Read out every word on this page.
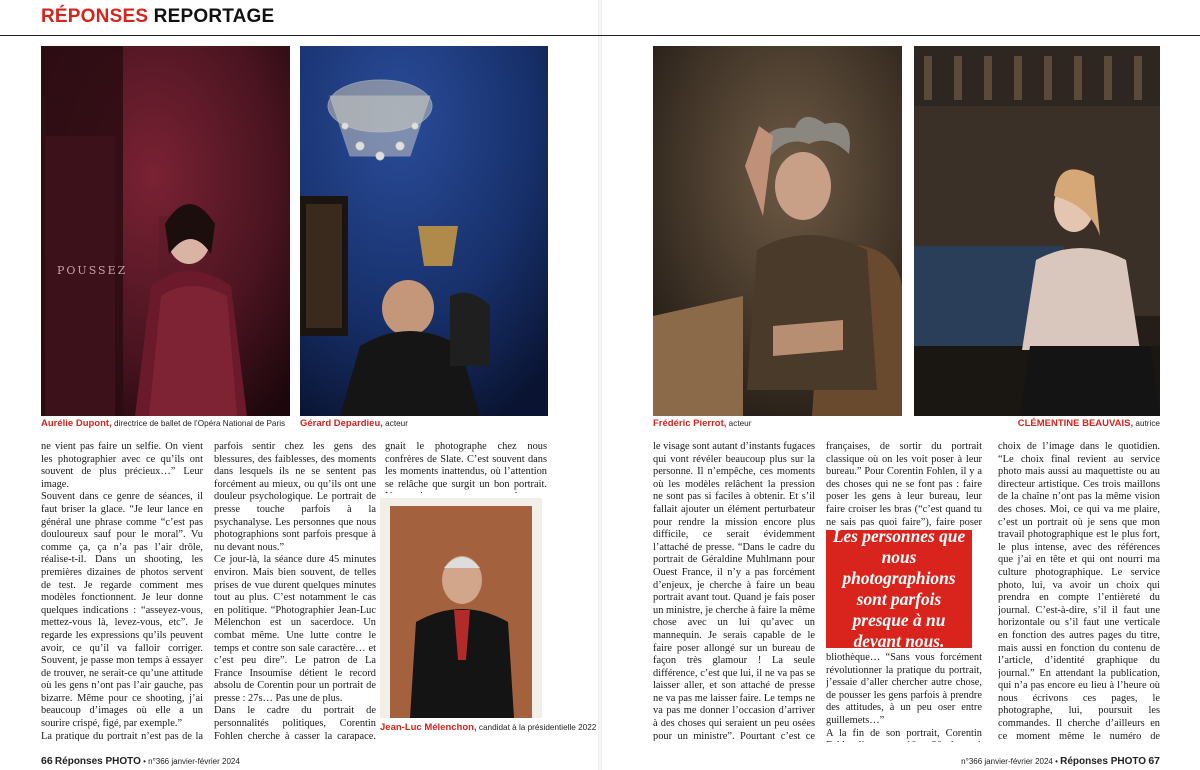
RÉPONSES REPORTAGE
POUSSEZ
Aurélie Dupont, directrice de ballet de l’Opéra National de Paris Gérard Depardieu, acteur
Jean-Luc Mélenchon, candidat à la présidentielle 2022
Frédéric Pierrot, acteur	CLÉMENTINE BEAUVAIS, autrice

ne vient pas faire un selfie. On vient les photographier avec ce qu’ils ont souvent de plus précieux…” Leur image.
Souvent dans ce genre de séances, il faut briser la glace. “Je leur lance en général une phrase comme “c’est pas douloureux sauf pour le moral”. Vu comme ça, ça n’a pas l’air drôle, réalise-t-il. Dans un shooting, les premières dizaines de photos servent de test. Je regarde comment mes modèles fonctionnent. Je leur donne quelques indications : “asseyez-vous, mettez-vous là, levez-vous, etc”. Je regarde les expressions qu’ils peuvent avoir, ce qu’il va falloir corriger. Souvent, je passe mon temps à essayer de trouver, ne serait-ce qu’une attitude où les gens n’ont pas l’air gauche, pas bizarre. Même pour ce shooting, j’ai beaucoup d’images où elle a un sourire crispé, figé, par exemple.”
La pratique du portrait n’est pas de la

parfois sentir chez les gens des blessures, des faiblesses, des moments dans lesquels ils ne se sentent pas forcément au mieux, ou qu’ils ont une douleur psychologique. Le portrait de presse touche parfois à la psychanalyse. Les personnes que nous photographions sont parfois presque à nu devant nous.”
Ce jour-là, la séance dure 45 minutes environ. Mais bien souvent, de telles prises de vue durent quelques minutes tout au plus. C’est notamment le cas en politique. “Photographier Jean-Luc Mélenchon est un sacerdoce. Un combat même. Une lutte contre le temps et contre son sale caractère… et c’est peu dire”. Le patron de La France Insoumise détient le record absolu de Corentin pour un portrait de presse : 27s… Pas une de plus.
Dans le cadre du portrait de personnalités politiques, Corentin Fohlen cherche à casser la carapace.

gnait le photographe chez nous confrères de Slate. C’est souvent dans les moments inattendus, où l’attention se relâche que surgit un bon portrait.

le visage sont autant d’instants fugaces qui vont révéler beaucoup plus sur la personne. Il n’empêche, ces moments où les modèles relâchent la pression ne sont pas si faciles à obtenir. Et s’il fallait ajouter un élément perturbateur pour rendre la mission encore plus difficile, ce serait évidemment l’attaché de presse. “Dans le cadre du portrait de Géraldine Muhlmann pour Ouest France, il n’y a pas forcément d’enjeux, je cherche à faire un beau portrait avant tout. Quand je fais poser un ministre, je cherche à faire la même chose avec un lui qu’avec un mannequin. Je serais capable de le faire poser allongé sur un bureau de façon très glamour ! La seule différence, c’est que lui, il ne va pas se laisser aller, et son attaché de presse ne va pas me laisser faire. Le temps ne va pas me donner l’occasion d’arriver à des choses qui seraient un peu osées pour un ministre”. Pourtant c’est ce

françaises, de sortir du portrait classique où on les voit poser à leur bureau.” Pour Corentin Fohlen, il y a des choses qui ne se font pas : faire poser les gens à leur bureau, leur faire croiser les bras (“c’est quand tu ne sais pas quoi faire”), faire poser

Les personnes que nous photographions sont parfois presque à nu devant nous.

bliothèque… “Sans vous forcément révolutionner la pratique du portrait, j’essaie d’aller chercher autre chose, de pousser les gens parfois à prendre des attitudes, à un peu oser entre guillemets…”
A la fin de son portrait, Corentin

choix de l’image dans le quotidien. “Le choix final revient au service photo mais aussi au maquettiste ou au directeur artistique. Ces trois maillons de la chaîne n’ont pas la même vision des choses. Moi, ce qui va me plaire, c’est un portrait où je sens que mon travail photographique est le plus fort, le plus intense, avec des références que j’ai en tête et qui ont nourri ma culture photographique. Le service photo, lui, va avoir un choix qui prendra en compte l’entièreté du journal. C’est-à-dire, s’il il faut une horizontale ou s’il faut une verticale en fonction des autres pages du titre, mais aussi en fonction du contenu de l’article, d’identité graphique du journal.” En attendant la publication, qui n’a pas encore eu lieu à l’heure où nous écrivons ces pages, le photographe, lui, poursuit les commandes. Il cherche d’ailleurs en ce moment même le numéro de

66 Réponses PHOTO • n°366 janvier-février 2024	n°366 janvier-février 2024 • Réponses PHOTO 67
